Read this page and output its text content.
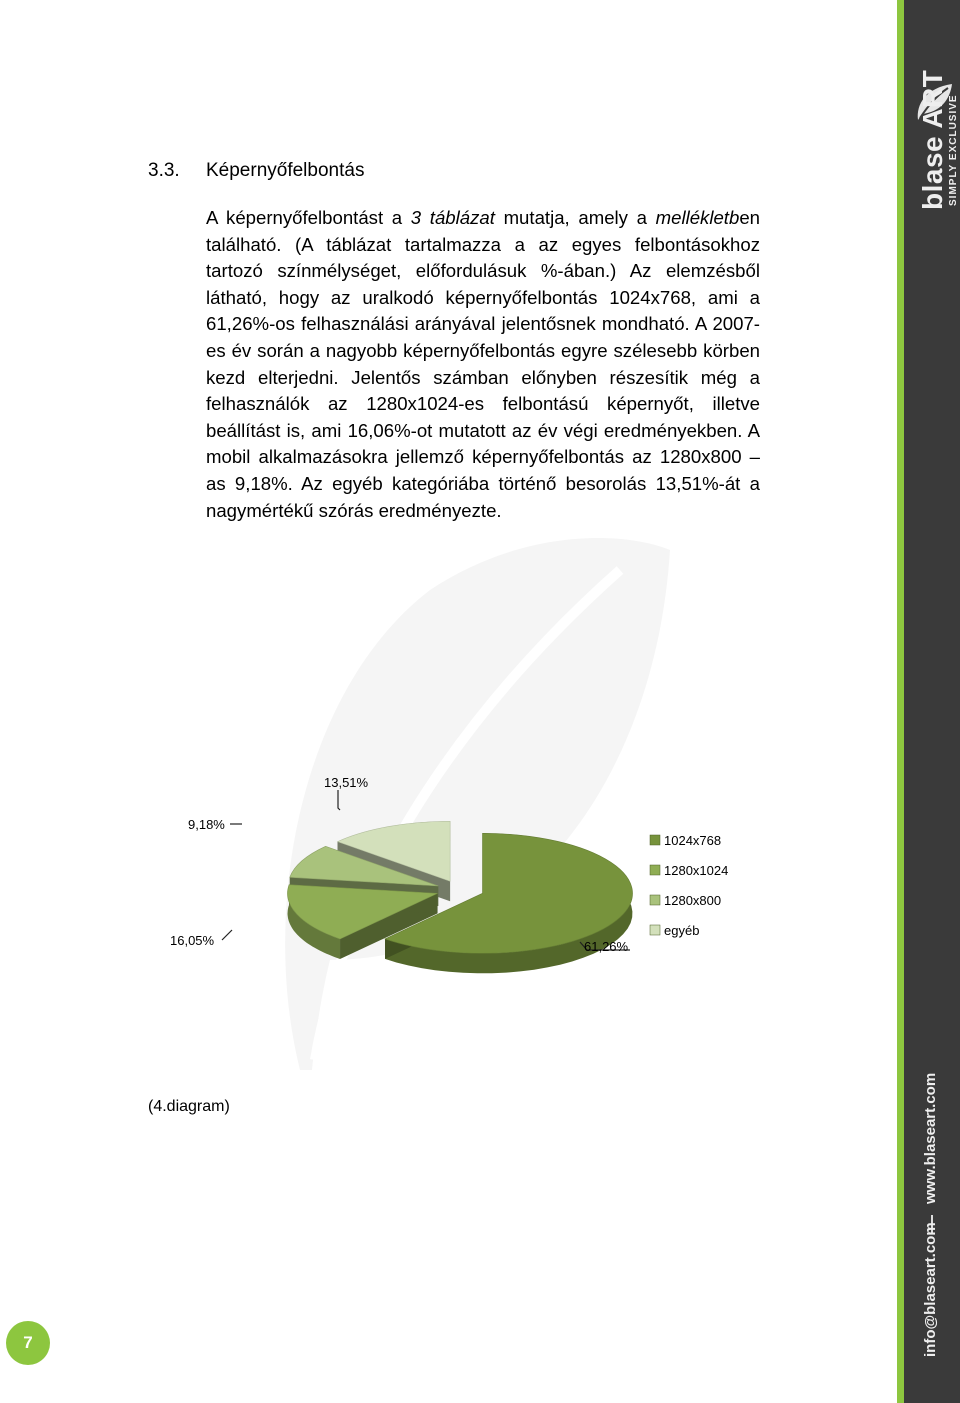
3.3. Képernyőfelbontás

A képernyőfelbontást a 3 táblázat mutatja, amely a mellékletben található. (A táblázat tartalmazza a az egyes felbontásokhoz tartozó színmélységet, előfordulásuk %-ában.) Az elemzésből látható, hogy az uralkodó képernyőfelbontás 1024x768, ami a 61,26%-os felhasználási arányával jelentősnek mondható. A 2007-es év során a nagyobb képernyőfelbontás egyre szélesebb körben kezd elterjedni. Jelentős számban előnyben részesítik még a felhasználók az 1280x1024-es felbontású képernyőt, illetve beállítást is, ami 16,06%-ot mutatott az év végi eredményekben. A mobil alkalmazásokra jellemző képernyőfelbontás az 1280x800 – as 9,18%. Az egyéb kategóriába történő besorolás 13,51%-át a nagymértékű szórás eredményezte.

13,51%
9,18%
16,05%	61,26%
1024x768
1280x1024
1280x800
egyéb
(4.diagram)
7
blase ART SIMPLY EXCLUSIVE
www.blaseart.com
info@blaseart.com
